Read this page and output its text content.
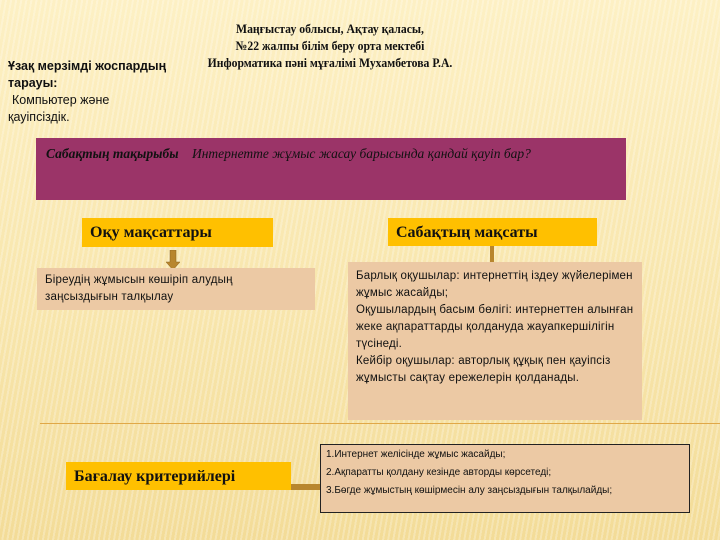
Маңғыстау облысы, Ақтау қаласы,
№22 жалпы білім беру орта мектебі
Информатика пәні мұғалімі Мухамбетова Р.А.
Ұзақ мерзімді жоспардың тарауы:
Компьютер және қауіпсіздік.
Сабақтың тақырыбы Интернетте жұмыс жасау барысында қандай қауіп бар?
Оқу мақсаттары
Біреудің жұмысын көшіріп алудың заңсыздығын талқылау
Сабақтың мақсаты
Барлық оқушылар: интернеттің іздеу жүйелерімен жұмыс жасайды;
Оқушылардың басым бөлігі: интернеттен алынған жеке ақпараттарды қолдануда жауапкершілігін түсінеді.
Кейбір оқушылар: авторлық құқық пен қауіпсіз жұмысты сақтау ережелерін қолданады.
Бағалау критерийлері
1.Интернет желісінде жұмыс жасайды;
2.Ақпаратты қолдану кезінде авторды көрсетеді;
3.Бөгде жұмыстың көшірмесін алу заңсыздығын талқылайды;
